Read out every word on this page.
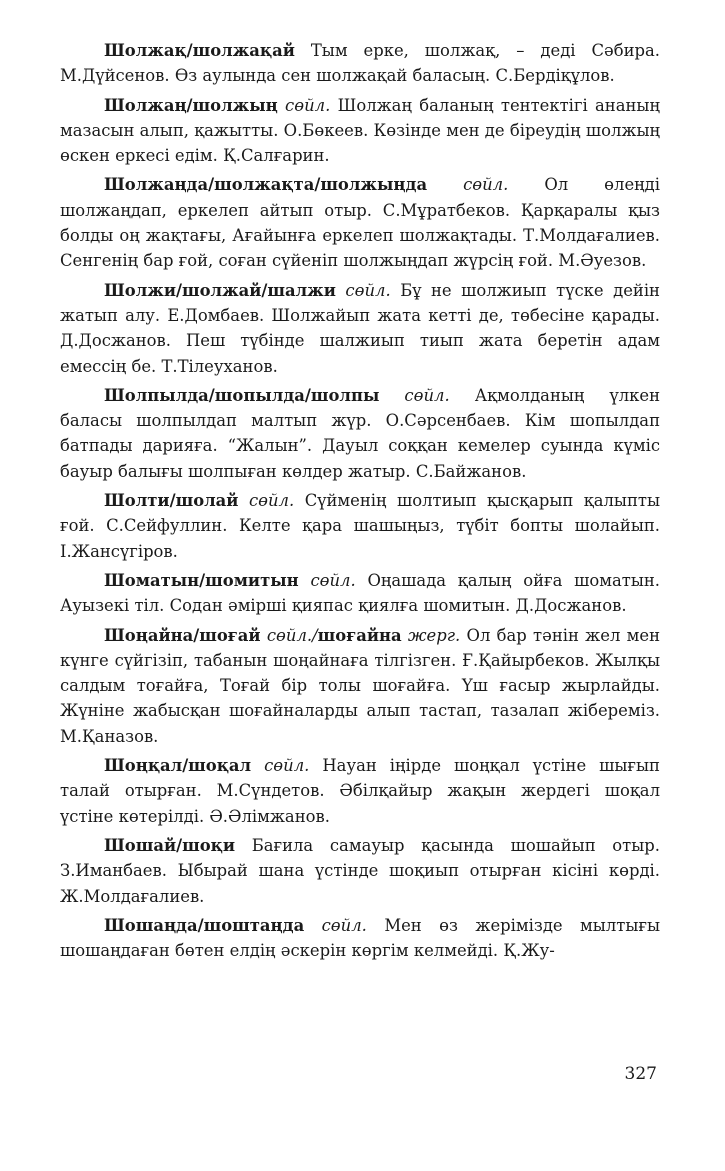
Шолжақ/шолжақай Тым ерке, шолжақ, – деді Сәбира. М.Дүйсенов. Өз аулында сен шолжақай баласың. С.Бердіқұлов.

Шолжаң/шолжың сөйл. Шолжаң баланың тентектігі ананың мазасын алып, қажытты. О.Бөкеев. Көзінде мен де біреудің шолжың өскен еркесі едім. Қ.Салғарин.

Шолжаңда/шолжақта/шолжыңда сөйл. Ол өлеңді шолжаңдап, еркелеп айтып отыр. С.Мұратбеков. Қарқаралы қыз болды оң жақтағы, Ағайынға еркелеп шолжақтады. Т.Молдағалиев. Сенгенің бар ғой, соған сүйеніп шолжыңдап жүрсің ғой. М.Әуезов.

Шолжи/шолжай/шалжи сөйл. Бұ не шолжиып түске дейін жатып алу. Е.Домбаев. Шолжайып жата кетті де, төбесіне қарады. Д.Досжанов. Пеш түбінде шалжиып тиып жата беретін адам емессің бе. Т.Тілеуханов.

Шолпылда/шопылда/шолпы сөйл. Ақмолданың үлкен баласы шолпылдап малтып жүр. О.Сәрсенбаев. Кім шопылдап батпады дарияға. “Жалын”. Дауыл соққан кемелер суында күміс бауыр балығы шолпыған көлдер жатыр. С.Байжанов.

Шолти/шолай сөйл. Сүйменің шолтиып қысқарып қалыпты ғой. С.Сейфуллин. Келте қара шашыңыз, түбіт бопты шолайып. І.Жансүгіров.

Шоматын/шомитын сөйл. Оңашада қалың ойға шоматын. Ауызекі тіл. Содан әмірші қияпас қиялға шомитын. Д.Досжанов.

Шоңайна/шоғай сөйл./шоғайна жерг. Ол бар тәнін жел мен күнге сүйгізіп, табанын шоңайнаға тілгізген. Ғ.Қайырбеков. Жылқы салдым тоғайға, Тоғай бір толы шоғайға. Үш ғасыр жырлайды. Жүніне жабысқан шоғайналарды алып тастап, тазалап жібереміз. М.Қаназов.

Шоңқал/шоқал сөйл. Науан іңірде шоңқал үстіне шығып талай отырған. М.Сүндетов. Әбілқайыр жақын жердегі шоқал үстіне көтерілді. Ә.Әлімжанов.

Шошай/шоқи Бағила самауыр қасында шошайып отыр. З.Иманбаев. Ыбырай шана үстінде шоқиып отырған кісіні көрді. Ж.Молдағалиев.

Шошаңда/шоштаңда сөйл. Мен өз жерімізде мылтығы шошаңдаған бөтен елдің әскерін көргім келмейді. Қ.Жу-

327
